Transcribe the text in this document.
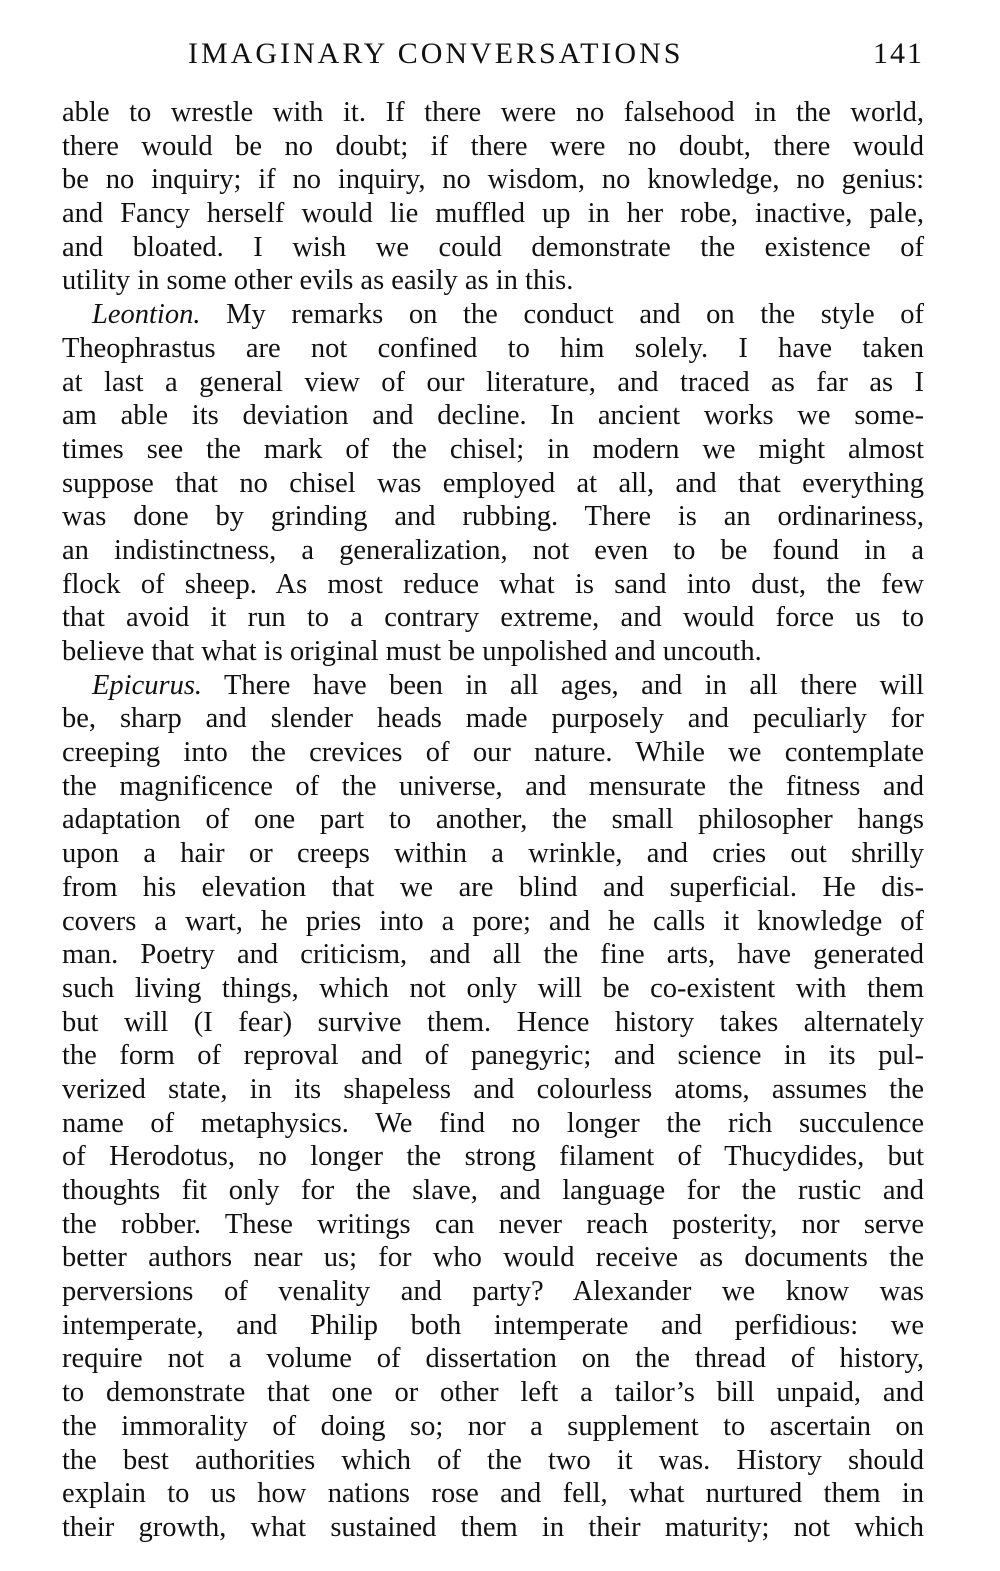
IMAGINARY CONVERSATIONS	141
able to wrestle with it. If there were no falsehood in the world,
there would be no doubt; if there were no doubt, there would
be no inquiry; if no inquiry, no wisdom, no knowledge, no genius:
and Fancy herself would lie muffled up in her robe, inactive, pale,
and bloated. I wish we could demonstrate the existence of
utility in some other evils as easily as in this.
Leontion. My remarks on the conduct and on the style of
Theophrastus are not confined to him solely. I have taken
at last a general view of our literature, and traced as far as I
am able its deviation and decline. In ancient works we some-
times see the mark of the chisel; in modern we might almost
suppose that no chisel was employed at all, and that everything
was done by grinding and rubbing. There is an ordinariness,
an indistinctness, a generalization, not even to be found in a
flock of sheep. As most reduce what is sand into dust, the few
that avoid it run to a contrary extreme, and would force us to
believe that what is original must be unpolished and uncouth.
Epicurus. There have been in all ages, and in all there will
be, sharp and slender heads made purposely and peculiarly for
creeping into the crevices of our nature. While we contemplate
the magnificence of the universe, and mensurate the fitness and
adaptation of one part to another, the small philosopher hangs
upon a hair or creeps within a wrinkle, and cries out shrilly
from his elevation that we are blind and superficial. He dis-
covers a wart, he pries into a pore; and he calls it knowledge of
man. Poetry and criticism, and all the fine arts, have generated
such living things, which not only will be co-existent with them
but will (I fear) survive them. Hence history takes alternately
the form of reproval and of panegyric; and science in its pul-
verized state, in its shapeless and colourless atoms, assumes the
name of metaphysics. We find no longer the rich succulence
of Herodotus, no longer the strong filament of Thucydides, but
thoughts fit only for the slave, and language for the rustic and
the robber. These writings can never reach posterity, nor serve
better authors near us; for who would receive as documents the
perversions of venality and party? Alexander we know was
intemperate, and Philip both intemperate and perfidious: we
require not a volume of dissertation on the thread of history,
to demonstrate that one or other left a tailor’s bill unpaid, and
the immorality of doing so; nor a supplement to ascertain on
the best authorities which of the two it was. History should
explain to us how nations rose and fell, what nurtured them in
their growth, what sustained them in their maturity; not which
